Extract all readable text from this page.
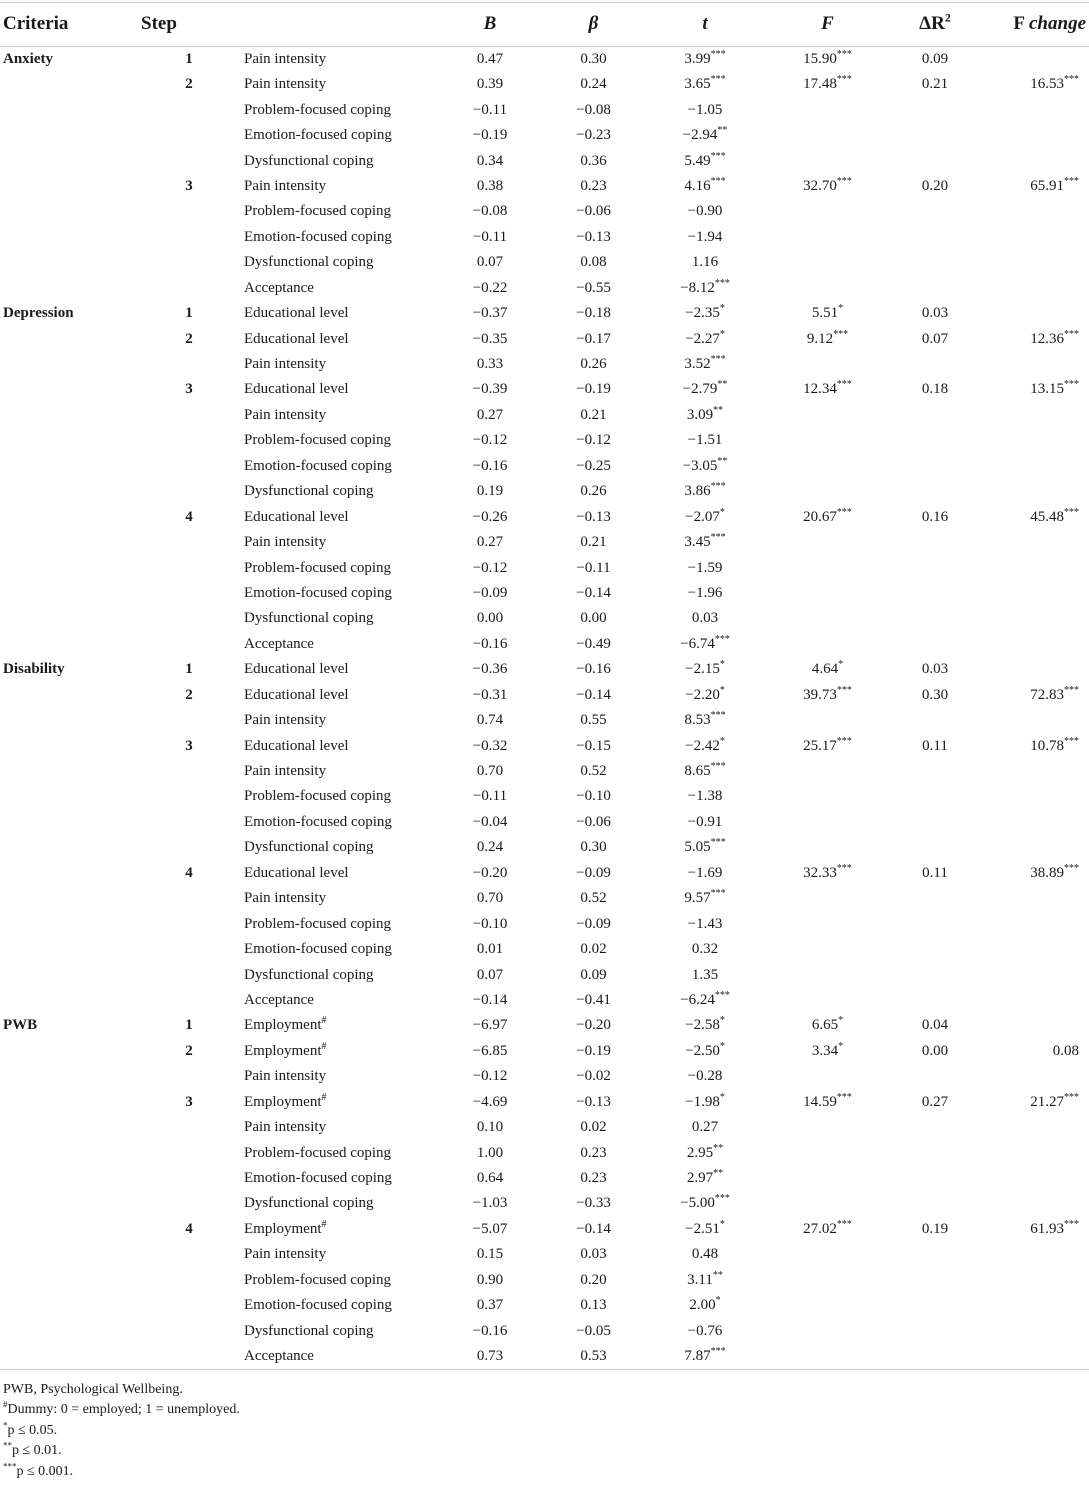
Criteria	Step		B	β	t	F	$\Delta R^2$	F change
Anxiety	1	Pain intensity	0.47	0.30	3.99***	15.90***	0.09	
	2	Pain intensity	0.39	0.24	3.65***	17.48***	0.21	16.53***
		Problem-focused coping	−0.11	−0.08	−1.05			
		Emotion-focused coping	−0.19	−0.23	−2.94**			
		Dysfunctional coping	0.34	0.36	5.49***			
	3	Pain intensity	0.38	0.23	4.16***	32.70***	0.20	65.91***
		Problem-focused coping	−0.08	−0.06	−0.90			
		Emotion-focused coping	−0.11	−0.13	−1.94			
		Dysfunctional coping	0.07	0.08	1.16			
		Acceptance	−0.22	−0.55	−8.12***			
Depression	1	Educational level	−0.37	−0.18	−2.35*	5.51*	0.03	
	2	Educational level	−0.35	−0.17	−2.27*	9.12***	0.07	12.36***
		Pain intensity	0.33	0.26	3.52***			
	3	Educational level	−0.39	−0.19	−2.79**	12.34***	0.18	13.15***
		Pain intensity	0.27	0.21	3.09**			
		Problem-focused coping	−0.12	−0.12	−1.51			
		Emotion-focused coping	−0.16	−0.25	−3.05**			
		Dysfunctional coping	0.19	0.26	3.86***			
	4	Educational level	−0.26	−0.13	−2.07*	20.67***	0.16	45.48***
		Pain intensity	0.27	0.21	3.45***			
		Problem-focused coping	−0.12	−0.11	−1.59			
		Emotion-focused coping	−0.09	−0.14	−1.96			
		Dysfunctional coping	0.00	0.00	0.03			
		Acceptance	−0.16	−0.49	−6.74***			
Disability	1	Educational level	−0.36	−0.16	−2.15*	4.64*	0.03	
	2	Educational level	−0.31	−0.14	−2.20*	39.73***	0.30	72.83***
		Pain intensity	0.74	0.55	8.53***			
	3	Educational level	−0.32	−0.15	−2.42*	25.17***	0.11	10.78***
		Pain intensity	0.70	0.52	8.65***			
		Problem-focused coping	−0.11	−0.10	−1.38			
		Emotion-focused coping	−0.04	−0.06	−0.91			
		Dysfunctional coping	0.24	0.30	5.05***			
	4	Educational level	−0.20	−0.09	−1.69	32.33***	0.11	38.89***
		Pain intensity	0.70	0.52	9.57***			
		Problem-focused coping	−0.10	−0.09	−1.43			
		Emotion-focused coping	0.01	0.02	0.32			
		Dysfunctional coping	0.07	0.09	1.35			
		Acceptance	−0.14	−0.41	−6.24***			
PWB	1	Employment#	−6.97	−0.20	−2.58*	6.65*	0.04	
	2	Employment#	−6.85	−0.19	−2.50*	3.34*	0.00	0.08
		Pain intensity	−0.12	−0.02	−0.28			
	3	Employment#	−4.69	−0.13	−1.98*	14.59***	0.27	21.27***
		Pain intensity	0.10	0.02	0.27			
		Problem-focused coping	1.00	0.23	2.95**			
		Emotion-focused coping	0.64	0.23	2.97**			
		Dysfunctional coping	−1.03	−0.33	−5.00***			
	4	Employment#	−5.07	−0.14	−2.51*	27.02***	0.19	61.93***
		Pain intensity	0.15	0.03	0.48			
		Problem-focused coping	0.90	0.20	3.11**			
		Emotion-focused coping	0.37	0.13	2.00*			
		Dysfunctional coping	−0.16	−0.05	−0.76			
		Acceptance	0.73	0.53	7.87***			
PWB, Psychological Wellbeing.
#Dummy: 0 = employed; 1 = unemployed.
*p ≤ 0.05.
**p ≤ 0.01.
***p ≤ 0.001.
